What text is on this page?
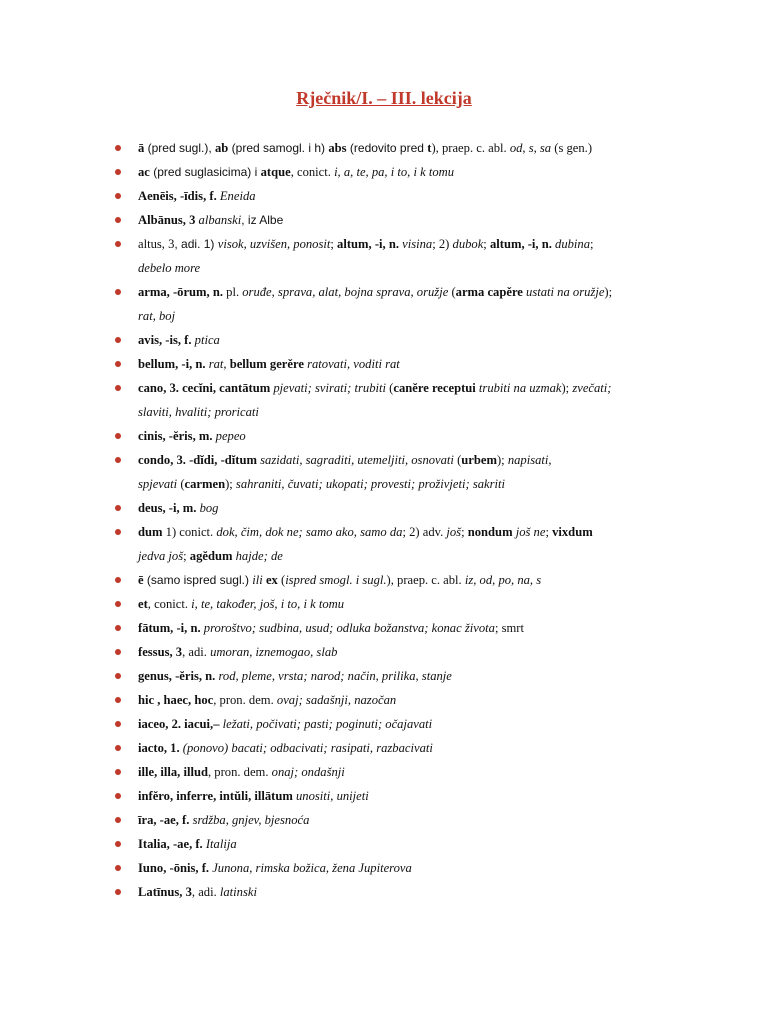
Rječnik/I. – III. lekcija
ā (pred sugl.), ab (pred samogl. i h) abs (redovito pred t), praep. c. abl. od, s, sa (s gen.)
ac (pred suglasicima) i atque, conict. i, a, te, pa, i to, i k tomu
Aenēis, -īdis, f. Eneida
Albānus, 3 albanski, iz Albe
altus, 3, adi. 1) visok, uzvišen, ponosit; altum, -i, n. visina; 2) dubok; altum, -i, n. dubina;
debelo more
arma, -ōrum, n. pl. oruđe, sprava, alat, bojna sprava, oružje (arma capěre ustati na oružje);
rat, boj
avis, -is, f. ptica
bellum, -i, n. rat, bellum gerěre ratovati, voditi rat
cano, 3. cecĭni, cantātum pjevati; svirati; trubiti (canĕre receptui trubiti na uzmak); zvečati;
slaviti, hvaliti; proricati
cinis, -ĕris, m. pepeo
condo, 3. -dĭdi, -dĭtum sazidati, sagraditi, utemeljiti, osnovati (urbem); napisati,
spjevati (carmen); sahraniti, čuvati; ukopati; provesti; proživjeti; sakriti
deus, -i, m. bog
dum 1) conict. dok, čim, dok ne; samo ako, samo da; 2) adv. još; nondum još ne; vixdum
jedva još; agĕdum hajde; de
ē (samo ispred sugl.) ili ex (ispred smogl. i sugl.), praep. c. abl. iz, od, po, na, s
et, conict. i, te, također, još, i to, i k tomu
fātum, -i, n. proroštvo; sudbina, usud; odluka božanstva; konac života; smrt
fessus, 3, adi. umoran, iznemogao, slab
genus, -ĕris, n. rod, pleme, vrsta; narod; način, prilika, stanje
hic , haec, hoc, pron. dem. ovaj; sadašnji, nazočan
iaceo, 2. iacui,– ležati, počivati; pasti; poginuti; očajavati
iacto, 1. (ponovo) bacati; odbacivati; rasipati, razbacivati
ille, illa, illud, pron. dem. onaj; ondašnji
infĕro, inferre, intŭli, illātum unositi, unijeti
īra, -ae, f. srdžba, gnjev, bjesnoća
Italia, -ae, f. Italija
Iuno, -ōnis, f. Junona, rimska božica, žena Jupiterova
Latīnus, 3, adi. latinski
